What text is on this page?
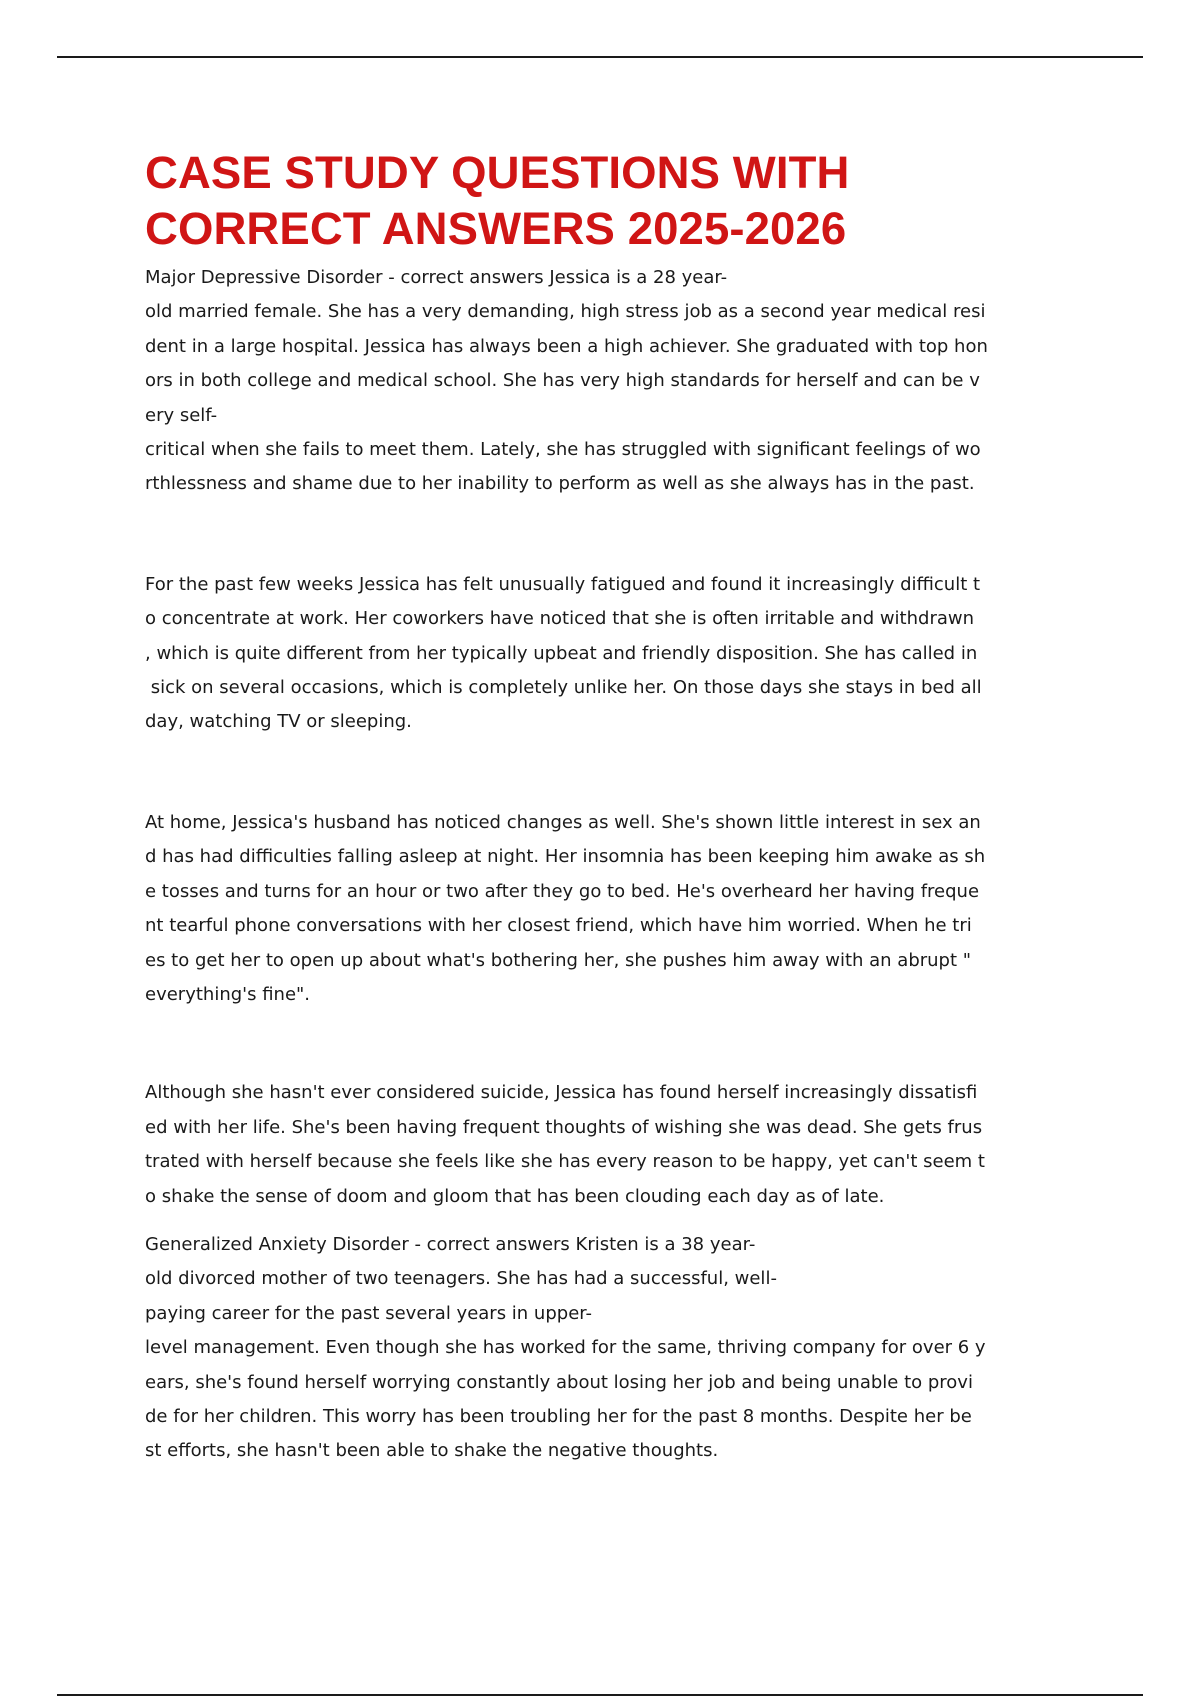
CASE STUDY QUESTIONS WITH
CORRECT ANSWERS 2025-2026

Major Depressive Disorder - correct answers Jessica is a 28 year-
old married female. She has a very demanding, high stress job as a second year medical resi
dent in a large hospital. Jessica has always been a high achiever. She graduated with top hon
ors in both college and medical school. She has very high standards for herself and can be v
ery self-
critical when she fails to meet them. Lately, she has struggled with significant feelings of wo
rthlessness and shame due to her inability to perform as well as she always has in the past.

For the past few weeks Jessica has felt unusually fatigued and found it increasingly difficult t
o concentrate at work. Her coworkers have noticed that she is often irritable and withdrawn
, which is quite different from her typically upbeat and friendly disposition. She has called in
sick on several occasions, which is completely unlike her. On those days she stays in bed all
day, watching TV or sleeping.

At home, Jessica's husband has noticed changes as well. She's shown little interest in sex an
d has had difficulties falling asleep at night. Her insomnia has been keeping him awake as sh
e tosses and turns for an hour or two after they go to bed. He's overheard her having freque
nt tearful phone conversations with her closest friend, which have him worried. When he tri
es to get her to open up about what's bothering her, she pushes him away with an abrupt "
everything's fine".

Although she hasn't ever considered suicide, Jessica has found herself increasingly dissatisfi
ed with her life. She's been having frequent thoughts of wishing she was dead. She gets frus
trated with herself because she feels like she has every reason to be happy, yet can't seem t
o shake the sense of doom and gloom that has been clouding each day as of late.

Generalized Anxiety Disorder - correct answers Kristen is a 38 year-
old divorced mother of two teenagers. She has had a successful, well-
paying career for the past several years in upper-
level management. Even though she has worked for the same, thriving company for over 6 y
ears, she's found herself worrying constantly about losing her job and being unable to provi
de for her children. This worry has been troubling her for the past 8 months. Despite her be
st efforts, she hasn't been able to shake the negative thoughts.
